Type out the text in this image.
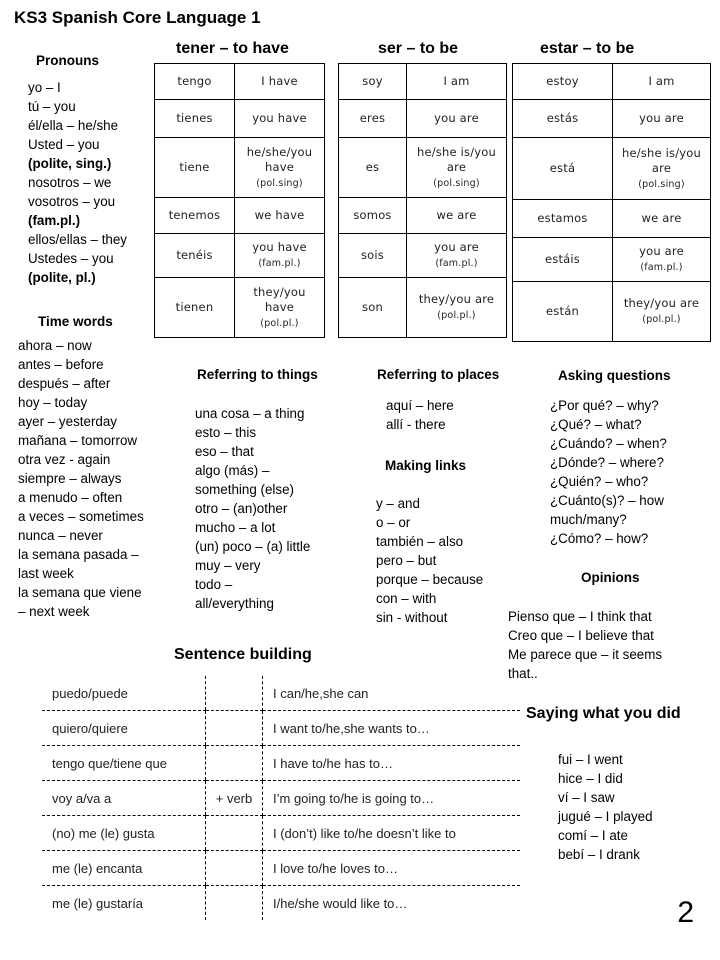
KS3 Spanish Core Language 1
Pronouns
yo – I
tú – you
él/ella – he/she
Usted – you
(polite, sing.)
nosotros – we
vosotros – you
(fam.pl.)
ellos/ellas – they
Ustedes – you
(polite, pl.)
Time words
ahora – now
antes – before
después – after
hoy – today
ayer – yesterday
mañana – tomorrow
otra vez - again
siempre – always
a menudo – often
a veces – sometimes
nunca – never
la semana pasada –
last week
la semana que viene
– next week
tener – to have	ser – to be	estar – to be
tengo	I have
tienes	you have
tiene	he/she/you have
(pol.sing)
tenemos	we have
tenéis	you have
(fam.pl.)
tienen	they/you have
(pol.pl.)
soy	I am
eres	you are
es	he/she is/you are
(pol.sing)
somos	we are
sois	you are
(fam.pl.)
son	they/you are
(pol.pl.)
estoy	I am
estás	you are
está	he/she is/you are
(pol.sing)
estamos	we are
estáis	you are
(fam.pl.)
están	they/you are
(pol.pl.)
Referring to things
una cosa – a thing
esto – this
eso – that
algo (más) –
something (else)
otro – (an)other
mucho – a lot
(un) poco – (a) little
muy – very
todo –
all/everything
Referring to places
aquí – here
allí - there
Making links
y – and
o – or
también – also
pero – but
porque – because
con – with
sin - without
Asking questions
¿Por qué? – why?
¿Qué? – what?
¿Cuándo? – when?
¿Dónde? – where?
¿Quién? – who?
¿Cuánto(s)? – how
much/many?
¿Cómo? – how?
Opinions
Pienso que – I think that
Creo que – I believe that
Me parece que – it seems
that..
Sentence building
puedo/puede		I can/he,she can
quiero/quiere		I want to/he,she wants to…
tengo que/tiene que		I have to/he has to…
voy a/va a	+ verb	I’m going to/he is going to…
(no) me (le) gusta		I (don’t) like to/he doesn’t like to
me (le) encanta		I love to/he loves to…
me (le) gustaría		I/he/she would like to…
Saying what you did
fui – I went
hice – I did
ví – I saw
jugué – I played
comí – I ate
bebí – I drank
2
